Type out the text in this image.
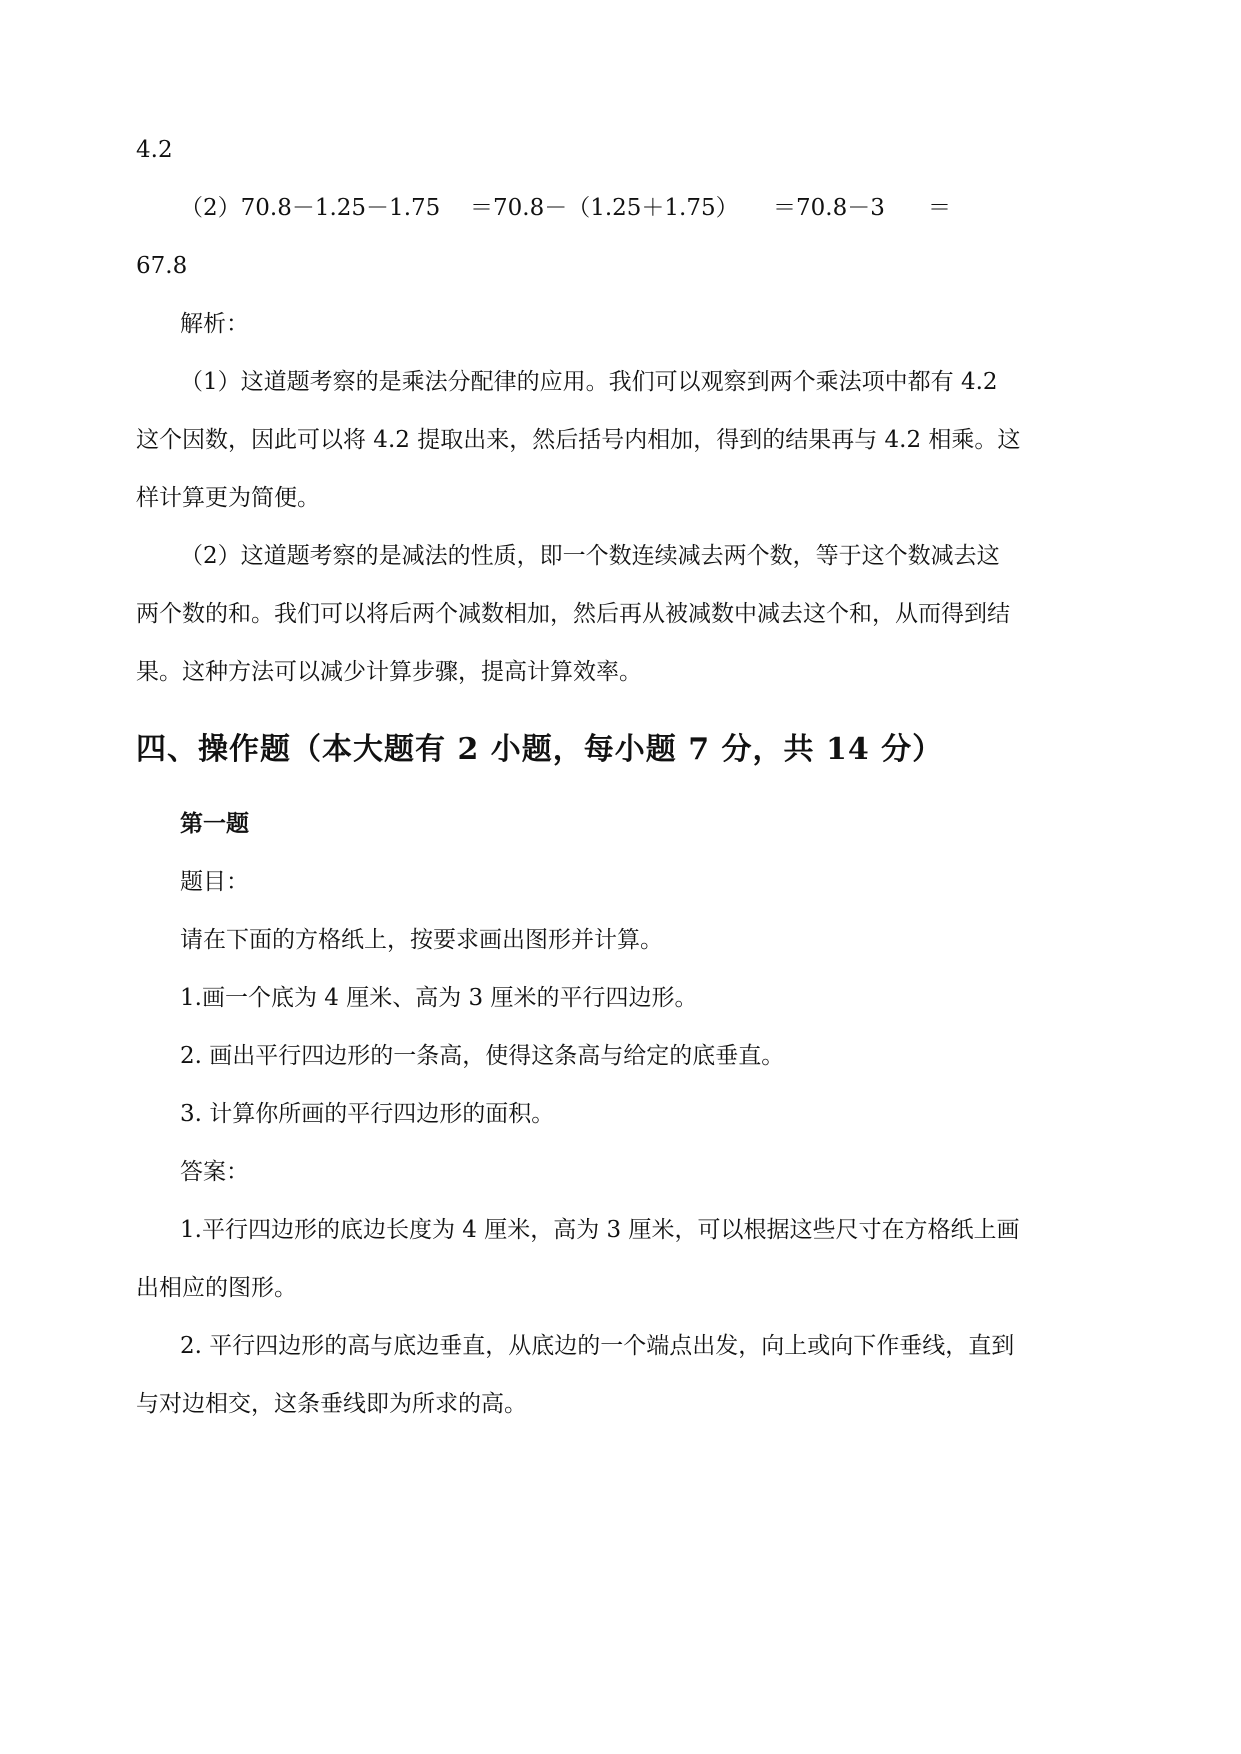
4.2
（2）70.8－1.25－1.75 ＝70.8－（1.25＋1.75） ＝70.8－3 ＝
67.8
解析：
（1）这道题考察的是乘法分配律的应用。我们可以观察到两个乘法项中都有 4.2
这个因数，因此可以将 4.2 提取出来，然后括号内相加，得到的结果再与 4.2 相乘。这
样计算更为简便。
（2）这道题考察的是减法的性质，即一个数连续减去两个数，等于这个数减去这
两个数的和。我们可以将后两个减数相加，然后再从被减数中减去这个和，从而得到结
果。这种方法可以减少计算步骤，提高计算效率。
四、操作题（本大题有 2 小题，每小题 7 分，共 14 分）
第一题
题目：
请在下面的方格纸上，按要求画出图形并计算。
1.画一个底为 4 厘米、高为 3 厘米的平行四边形。
2. 画出平行四边形的一条高，使得这条高与给定的底垂直。
3. 计算你所画的平行四边形的面积。
答案：
1.平行四边形的底边长度为 4 厘米，高为 3 厘米，可以根据这些尺寸在方格纸上画
出相应的图形。
2. 平行四边形的高与底边垂直，从底边的一个端点出发，向上或向下作垂线，直到
与对边相交，这条垂线即为所求的高。
